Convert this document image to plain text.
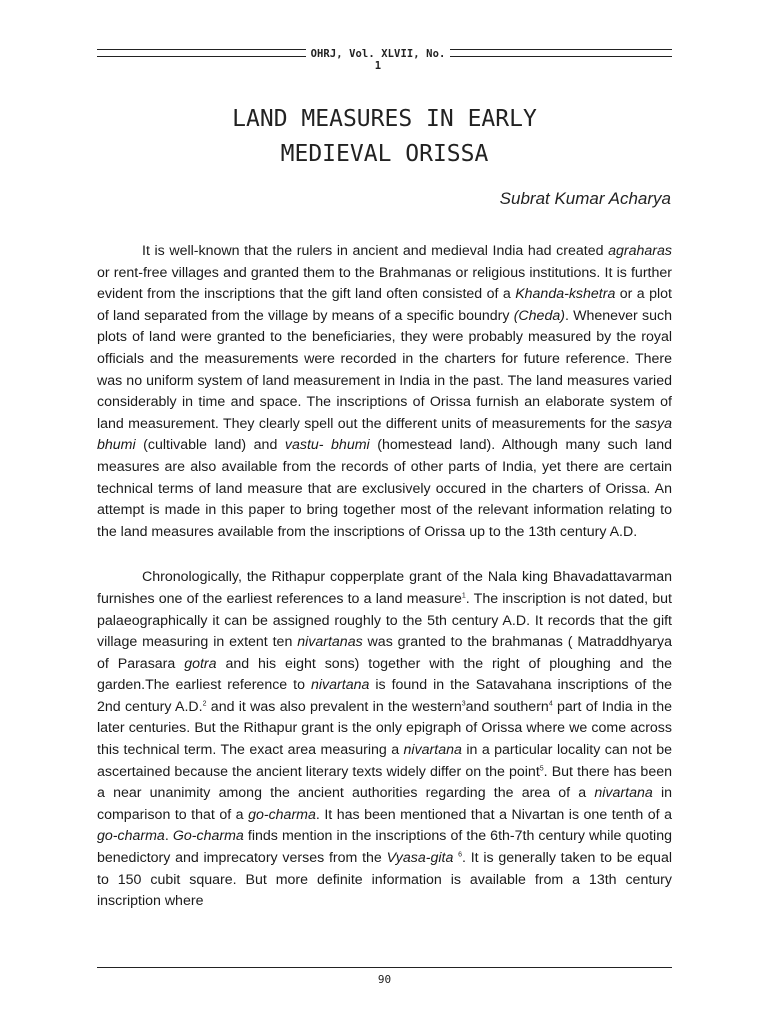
OHRJ, Vol. XLVII, No. 1
LAND MEASURES IN EARLY
MEDIEVAL ORISSA
Subrat Kumar Acharya

It is well-known that the rulers in ancient and medieval India had created agraharas or rent-free villages and granted them to the Brahmanas or religious institutions. It is further evident from the inscriptions that the gift land often consisted of a Khanda-kshetra or a plot of land separated from the village by means of a specific boundry (Cheda). Whenever such plots of land were granted to the beneficiaries, they were probably measured by the royal officials and the measurements were recorded in the charters for future reference. There was no uniform system of land measurement in India in the past. The land measures varied considerably in time and space. The inscriptions of Orissa furnish an elaborate system of land measurement. They clearly spell out the different units of measurements for the sasya bhumi (cultivable land) and vastu- bhumi (homestead land). Although many such land measures are also available from the records of other parts of India, yet there are certain technical terms of land measure that are exclusively occured in the charters of Orissa. An attempt is made in this paper to bring together most of the relevant information relating to the land measures available from the inscriptions of Orissa up to the 13th century A.D.

Chronologically, the Rithapur copperplate grant of the Nala king Bhavadattavarman furnishes one of the earliest references to a land measure$^1$. The inscription is not dated, but palaeographically it can be assigned roughly to the 5th century A.D. It records that the gift village measuring in extent ten nivartanas was granted to the brahmanas ( Matraddhyarya of Parasara gotra and his eight sons) together with the right of ploughing and the garden.The earliest reference to nivartana is found in the Satavahana inscriptions of the 2nd century A.D.$^2$ and it was also prevalent in the western$^3$and southern$^4$ part of India in the later centuries. But the Rithapur grant is the only epigraph of Orissa where we come across this technical term. The exact area measuring a nivartana in a particular locality can not be ascertained because the ancient literary texts widely differ on the point$^5$. But there has been a near unanimity among the ancient authorities regarding the area of a nivartana in comparison to that of a go-charma. It has been mentioned that a Nivartan is one tenth of a go-charma. Go-charma finds mention in the inscriptions of the 6th-7th century while quoting benedictory and imprecatory verses from the Vyasa-gita $^6$. It is generally taken to be equal to 150 cubit square. But more definite information is available from a 13th century inscription where

90
